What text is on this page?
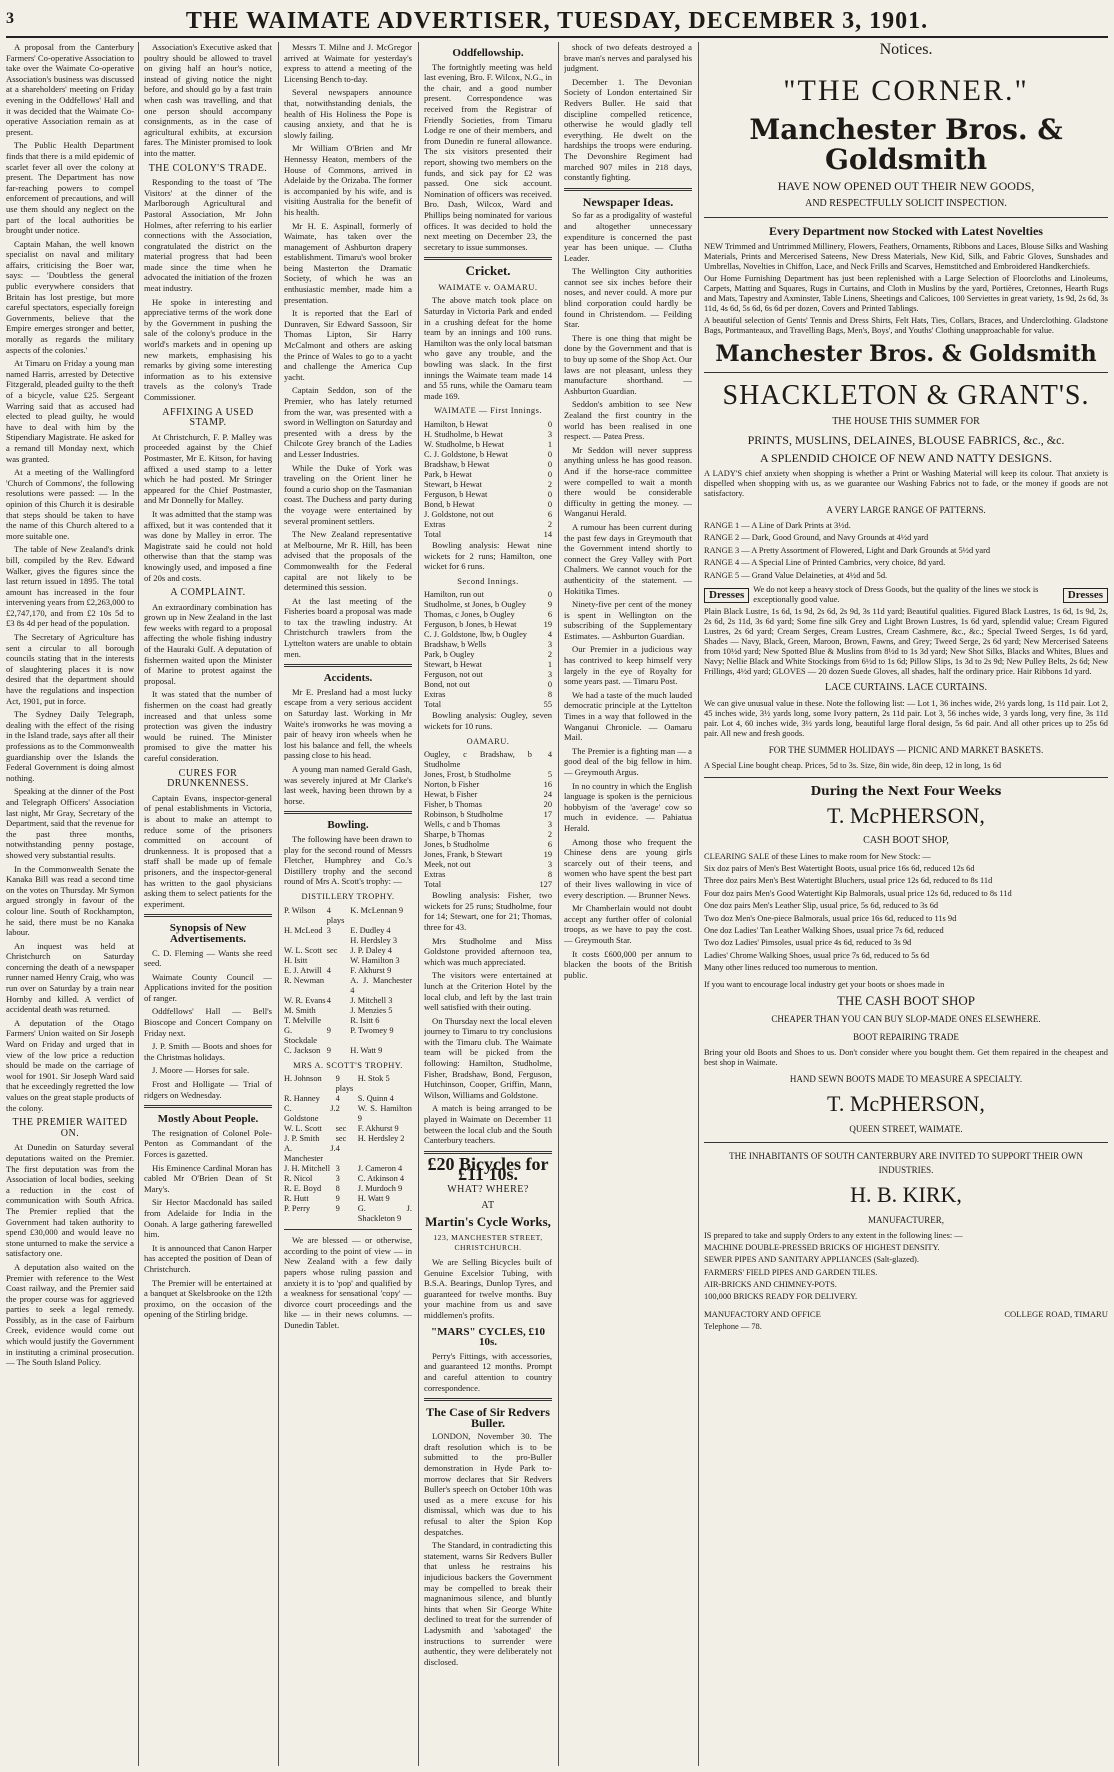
3	THE WAIMATE ADVERTISER, TUESDAY, DECEMBER 3, 1901.

A proposal from the Canterbury Farmers' Co-operative Association to take over the Waimate Co-operative Association's business was discussed at a shareholders' meeting on Friday evening in the Oddfellows' Hall and it was decided that the Waimate Co-operative Association remain as at present.

The Public Health Department finds that there is a mild epidemic of scarlet fever all over the colony at present. The Department has now far-reaching powers to compel enforcement of precautions, and will use them should any neglect on the part of the local authorities be brought under notice.

Captain Mahan, the well known specialist on naval and military affairs, criticising the Boer war, says: — 'Doubtless the general public everywhere considers that Britain has lost prestige, but more careful spectators, especially foreign Governments, believe that the Empire emerges stronger and better, morally as regards the military aspects of the colonies.'

At Timaru on Friday a young man named Harris, arrested by Detective Fitzgerald, pleaded guilty to the theft of a bicycle, value £25. Sergeant Warring said that as accused had elected to plead guilty, he would have to deal with him by the Stipendiary Magistrate. He asked for a remand till Monday next, which was granted.

At a meeting of the Wallingford 'Church of Commons', the following resolutions were passed: — In the opinion of this Church it is desirable that steps should be taken to have the name of this Church altered to a more suitable one.

The table of New Zealand's drink bill, compiled by the Rev. Edward Walker, gives the figures since the last return issued in 1895. The total amount has increased in the four intervening years from £2,263,000 to £2,747,170, and from £2 10s 5d to £3 8s 4d per head of the population.

The Secretary of Agriculture has sent a circular to all borough councils stating that in the interests of slaughtering places it is now desired that the department should have the regulations and inspection Act, 1901, put in force.

The Sydney Daily Telegraph, dealing with the effect of the rising in the Island trade, says after all their professions as to the Commonwealth guardianship over the Islands the Federal Government is doing almost nothing.

Speaking at the dinner of the Post and Telegraph Officers' Association last night, Mr Gray, Secretary of the Department, said that the revenue for the past three months, notwithstanding penny postage, showed very substantial results.

In the Commonwealth Senate the Kanaka Bill was read a second time on the votes on Thursday. Mr Symon argued strongly in favour of the colour line. South of Rockhampton, he said, there must be no Kanaka labour.

An inquest was held at Christchurch on Saturday concerning the death of a newspaper runner named Henry Craig, who was run over on Saturday by a train near Hornby and killed. A verdict of accidental death was returned.

A deputation of the Otago Farmers' Union waited on Sir Joseph Ward on Friday and urged that in view of the low price a reduction should be made on the carriage of wool for 1901. Sir Joseph Ward said that he exceedingly regretted the low values on the great staple products of the colony.

THE PREMIER WAITED ON.

At Dunedin on Saturday several deputations waited on the Premier. The first deputation was from the Association of local bodies, seeking a reduction in the cost of communication with South Africa. The Premier replied that the Government had taken authority to spend £30,000 and would leave no stone unturned to make the service a satisfactory one.

A deputation also waited on the Premier with reference to the West Coast railway, and the Premier said the proper course was for aggrieved parties to seek a legal remedy. Possibly, as in the case of Fairburn Creek, evidence would come out which would justify the Government in instituting a criminal prosecution. — The South Island Policy.

Association's Executive asked that poultry should be allowed to travel on giving half an hour's notice, instead of giving notice the night before, and should go by a fast train when cash was travelling, and that one person should accompany consignments, as in the case of agricultural exhibits, at excursion fares. The Minister promised to look into the matter.

THE COLONY'S TRADE.

Responding to the toast of 'The Visitors' at the dinner of the Marlborough Agricultural and Pastoral Association, Mr John Holmes, after referring to his earlier connections with the Association, congratulated the district on the material progress that had been made since the time when he advocated the initiation of the frozen meat industry.

He spoke in interesting and appreciative terms of the work done by the Government in pushing the sale of the colony's produce in the world's markets and in opening up new markets, emphasising his remarks by giving some interesting information as to his extensive travels as the colony's Trade Commissioner.

AFFIXING A USED STAMP.

At Christchurch, F. P. Malley was proceeded against by the Chief Postmaster, Mr E. Kitson, for having affixed a used stamp to a letter which he had posted. Mr Stringer appeared for the Chief Postmaster, and Mr Donnelly for Malley.

It was admitted that the stamp was affixed, but it was contended that it was done by Malley in error. The Magistrate said he could not hold otherwise than that the stamp was knowingly used, and imposed a fine of 20s and costs.

A COMPLAINT.

An extraordinary combination has grown up in New Zealand in the last few weeks with regard to a proposal affecting the whole fishing industry of the Hauraki Gulf. A deputation of fishermen waited upon the Minister of Marine to protest against the proposal.

It was stated that the number of fishermen on the coast had greatly increased and that unless some protection was given the industry would be ruined. The Minister promised to give the matter his careful consideration.

CURES FOR DRUNKENNESS.

Captain Evans, inspector-general of penal establishments in Victoria, is about to make an attempt to reduce some of the prisoners committed on account of drunkenness. It is proposed that a staff shall be made up of female prisoners, and the inspector-general has written to the gaol physicians asking them to select patients for the experiment.

Synopsis of New Advertisements.

C. D. Fleming — Wants she reed seed.

Waimate County Council — Applications invited for the position of ranger.

Oddfellows' Hall — Bell's Bioscope and Concert Company on Friday next.

J. P. Smith — Boots and shoes for the Christmas holidays.

J. Moore — Horses for sale.

Frost and Holligate — Trial of ridgers on Wednesday.

Mostly About People.

The resignation of Colonel Pole-Penton as Commandant of the Forces is gazetted.

His Eminence Cardinal Moran has cabled Mr O'Brien Dean of St Mary's.

Sir Hector Macdonald has sailed from Adelaide for India in the Oonah. A large gathering farewelled him.

It is announced that Canon Harper has accepted the position of Dean of Christchurch.

The Premier will be entertained at a banquet at Skelsbrooke on the 12th proximo, on the occasion of the opening of the Stirling bridge.

Messrs T. Milne and J. McGregor arrived at Waimate for yesterday's express to attend a meeting of the Licensing Bench to-day.

Several newspapers announce that, notwithstanding denials, the health of His Holiness the Pope is causing anxiety, and that he is slowly failing.

Mr William O'Brien and Mr Hennessy Heaton, members of the House of Commons, arrived in Adelaide by the Orizaba. The former is accompanied by his wife, and is visiting Australia for the benefit of his health.

Mr H. E. Aspinall, formerly of Waimate, has taken over the management of Ashburton drapery establishment. Timaru's wool broker being Masterton the Dramatic Society, of which he was an enthusiastic member, made him a presentation.

It is reported that the Earl of Dunraven, Sir Edward Sassoon, Sir Thomas Lipton, Sir Harry McCalmont and others are asking the Prince of Wales to go to a yacht and challenge the America Cup yacht.

Captain Seddon, son of the Premier, who has lately returned from the war, was presented with a sword in Wellington on Saturday and presented with a dress by the Chilcote Grey branch of the Ladies and Lesser Industries.

While the Duke of York was traveling on the Orient liner he found a curio shop on the Tasmanian coast. The Duchess and party during the voyage were entertained by several prominent settlers.

The New Zealand representative at Melbourne, Mr R. Hill, has been advised that the proposals of the Commonwealth for the Federal capital are not likely to be determined this session.

At the last meeting of the Fisheries board a proposal was made to tax the trawling industry. At Christchurch trawlers from the Lyttelton waters are unable to obtain men.

Accidents.

Mr E. Presland had a most lucky escape from a very serious accident on Saturday last. Working in Mr Waite's ironworks he was moving a pair of heavy iron wheels when he lost his balance and fell, the wheels passing close to his head.

A young man named Gerald Gash, was severely injured at Mr Clarke's last week, having been thrown by a horse.

Bowling.

The following have been drawn to play for the second round of Messrs Fletcher, Humphrey and Co.'s Distillery trophy and the second round of Mrs A. Scott's trophy: —

DISTILLERY TROPHY.
P. Wilson	4 plays	K. McLennan 9
H. McLeod	3	E. Dudley 4
		H. Herdsley 3
W. L. Scott	sec	J. P. Daley 4
H. Isitt		W. Hamilton 3
E. J. Atwill	4	F. Akhurst 9
R. Newman		A. J. Manchester 4
W. R. Evans	4	J. Mitchell 3
M. Smith		J. Menzies 5
T. Melville		R. Isitt 6
G. Stockdale	9	P. Twomey 9
C. Jackson	9	H. Watt 9
MRS A. SCOTT'S TROPHY.
H. Johnson	9 plays	H. Stok 5
R. Hanney	4	S. Quinn 4
C. J. Goldstone	2	W. S. Hamilton 9
W. L. Scott	sec	F. Akhurst 9
J. P. Smith	sec	H. Herdsley 2
A. J. Manchester	4	
J. H. Mitchell	3	J. Cameron 4
R. Nicol	3	C. Atkinson 4
R. E. Boyd	8	J. Murdoch 9
R. Hutt	9	H. Watt 9
P. Perry	9	G. J. Shackleton 9

We are blessed — or otherwise, according to the point of view — in New Zealand with a few daily papers whose ruling passion and anxiety it is to 'pop' and qualified by a weakness for sensational 'copy' — divorce court proceedings and the like — in their news columns. — Dunedin Tablet.

Oddfellowship.

The fortnightly meeting was held last evening, Bro. F. Wilcox, N.G., in the chair, and a good number present. Correspondence was received from the Registrar of Friendly Societies, from Timaru Lodge re one of their members, and from Dunedin re funeral allowance. The six visitors presented their report, showing two members on the funds, and sick pay for £2 was passed. One sick account. Nomination of officers was received. Bro. Dash, Wilcox, Ward and Phillips being nominated for various offices. It was decided to hold the next meeting on December 23, the secretary to issue summonses.

Cricket.
WAIMATE v. OAMARU.

The above match took place on Saturday in Victoria Park and ended in a crushing defeat for the home team by an innings and 100 runs. Hamilton was the only local batsman who gave any trouble, and the bowling was slack. In the first innings the Waimate team made 14 and 55 runs, while the Oamaru team made 169.

WAIMATE — First Innings.
Hamilton, b Hewat	0
H. Studholme, b Hewat	3
W. Studholme, b Hewat	1
C. J. Goldstone, b Hewat	0
Bradshaw, b Hewat	0
Park, b Hewat	0
Stewart, b Hewat	2
Ferguson, b Hewat	0
Bond, b Hewat	0
J. Goldstone, not out	6
Extras	2
Total	14

Bowling analysis: Hewat nine wickets for 2 runs; Hamilton, one wicket for 6 runs.

Second Innings.
Hamilton, run out	0
Studholme, st Jones, b Ougley	9
Thomas, c Jones, b Ougley	6
Ferguson, b Jones, b Hewat	19
C. J. Goldstone, lbw, b Ougley	4
Bradshaw, b Wells	3
Park, b Ougley	2
Stewart, b Hewat	1
Ferguson, not out	3
Bond, not out	0
Extras	8
Total	55

Bowling analysis: Ougley, seven wickets for 10 runs.

OAMARU.
Ougley, c Bradshaw, b Studholme	4
Jones, Frost, b Studholme	5
Norton, b Fisher	16
Hewat, b Fisher	24
Fisher, b Thomas	20
Robinson, b Studholme	17
Wells, c and b Thomas	3
Sharpe, b Thomas	2
Jones, b Studholme	6
Jones, Frank, b Stewart	19
Meek, not out	3
Extras	8
Total	127

Bowling analysis: Fisher, two wickets for 25 runs; Studholme, four for 14; Stewart, one for 21; Thomas, three for 43.

Mrs Studholme and Miss Goldstone provided afternoon tea, which was much appreciated.

The visitors were entertained at lunch at the Criterion Hotel by the local club, and left by the last train well satisfied with their outing.

On Thursday next the local eleven journey to Timaru to try conclusions with the Timaru club. The Waimate team will be picked from the following: Hamilton, Studholme, Fisher, Bradshaw, Bond, Ferguson, Hutchinson, Cooper, Griffin, Mann, Wilson, Williams and Goldstone.

A match is being arranged to be played in Waimate on December 11 between the local club and the South Canterbury teachers.

£20 Bicycles for £11 10s.
WHAT? WHERE?
AT
Martin's Cycle Works,
123, MANCHESTER STREET, CHRISTCHURCH.

We are Selling Bicycles built of Genuine Excelsior Tubing, with B.S.A. Bearings, Dunlop Tyres, and guaranteed for twelve months. Buy your machine from us and save middlemen's profits.

"MARS" CYCLES, £10 10s.

Perry's Fittings, with accessories, and guaranteed 12 months. Prompt and careful attention to country correspondence.

The Case of Sir Redvers Buller.

LONDON, November 30. The draft resolution which is to be submitted to the pro-Buller demonstration in Hyde Park to-morrow declares that Sir Redvers Buller's speech on October 10th was used as a mere excuse for his dismissal, which was due to his refusal to alter the Spion Kop despatches.

The Standard, in contradicting this statement, warns Sir Redvers Buller that unless he restrains his injudicious backers the Government may be compelled to break their magnanimous silence, and bluntly hints that when Sir George White declined to treat for the surrender of Ladysmith and 'sabotaged' the instructions to surrender were authentic, they were deliberately not disclosed.

shock of two defeats destroyed a brave man's nerves and paralysed his judgment.

December 1. The Devonian Society of London entertained Sir Redvers Buller. He said that discipline compelled reticence, otherwise he would gladly tell everything. He dwelt on the hardships the troops were enduring. The Devonshire Regiment had marched 907 miles in 218 days, constantly fighting.

Newspaper Ideas.

So far as a prodigality of wasteful and altogether unnecessary expenditure is concerned the past year has been unique. — Clutha Leader.

The Wellington City authorities cannot see six inches before their noses, and never could. A more pur blind corporation could hardly be found in Christendom. — Feilding Star.

There is one thing that might be done by the Government and that is to buy up some of the Shop Act. Our laws are not pleasant, unless they manufacture shorthand. — Ashburton Guardian.

Seddon's ambition to see New Zealand the first country in the world has been realised in one respect. — Patea Press.

Mr Seddon will never suppress anything unless he has good reason. And if the horse-race committee were compelled to wait a month there would be considerable difficulty in getting the money. — Wanganui Herald.

A rumour has been current during the past few days in Greymouth that the Government intend shortly to connect the Grey Valley with Port Chalmers. We cannot vouch for the authenticity of the statement. — Hokitika Times.

Ninety-five per cent of the money is spent in Wellington on the subscribing of the Supplementary Estimates. — Ashburton Guardian.

Our Premier in a judicious way has contrived to keep himself very largely in the eye of Royalty for some years past. — Timaru Post.

We had a taste of the much lauded democratic principle at the Lyttelton Times in a way that followed in the Wanganui Chronicle. — Oamaru Mail.

The Premier is a fighting man — a good deal of the big fellow in him. — Greymouth Argus.

In no country in which the English language is spoken is the pernicious hobbyism of the 'average' cow so much in evidence. — Pahiatua Herald.

Among those who frequent the Chinese dens are young girls scarcely out of their teens, and women who have spent the best part of their lives wallowing in vice of every description. — Brunner News.

Mr Chamberlain would not doubt accept any further offer of colonial troops, as we have to pay the cost. — Greymouth Star.

It costs £600,000 per annum to blacken the boots of the British public.

Notices.
"THE CORNER."
Manchester Bros. & Goldsmith
HAVE NOW OPENED OUT THEIR NEW GOODS,
AND RESPECTFULLY SOLICIT INSPECTION.
Every Department now Stocked with Latest Novelties
NEW Trimmed and Untrimmed Millinery, Flowers, Feathers, Ornaments, Ribbons and Laces, Blouse Silks and Washing Materials, Prints and Mercerised Sateens, New Dress Materials, New Kid, Silk, and Fabric Gloves, Sunshades and Umbrellas, Novelties in Chiffon, Lace, and Neck Frills and Scarves, Hemstitched and Embroidered Handkerchiefs.
Our Home Furnishing Department has just been replenished with a Large Selection of Floorcloths and Linoleums, Carpets, Matting and Squares, Rugs in Curtains, and Cloth in Muslins by the yard, Portières, Cretonnes, Hearth Rugs and Mats, Tapestry and Axminster, Table Linens, Sheetings and Calicoes, 100 Serviettes in great variety, 1s 9d, 2s 6d, 3s 11d, 4s 6d, 5s 6d, 6s 6d per dozen, Covers and Printed Tablings.
A beautiful selection of Gents' Tennis and Dress Shirts, Felt Hats, Ties, Collars, Braces, and Underclothing. Gladstone Bags, Portmanteaux, and Travelling Bags, Men's, Boys', and Youths' Clothing unapproachable for value.
Manchester Bros. & Goldsmith
SHACKLETON & GRANT'S.
THE HOUSE THIS SUMMER FOR
PRINTS, MUSLINS, DELAINES, BLOUSE FABRICS, &c., &c.
A SPLENDID CHOICE OF NEW AND NATTY DESIGNS.
A LADY'S chief anxiety when shopping is whether a Print or Washing Material will keep its colour. That anxiety is dispelled when shopping with us, as we guarantee our Washing Fabrics not to fade, or the money if goods are not satisfactory.
A VERY LARGE RANGE OF PATTERNS.
RANGE 1 — A Line of Dark Prints at 3½d.
RANGE 2 — Dark, Good Ground, and Navy Grounds at 4½d yard
RANGE 3 — A Pretty Assortment of Flowered, Light and Dark Grounds at 5½d yard
RANGE 4 — A Special Line of Printed Cambrics, very choice, 8d yard.
RANGE 5 — Grand Value Delaineties, at 4½d and 5d.
Dresses	We do not keep a heavy stock of Dress Goods, but the quality of the lines we stock is exceptionally good value.	Dresses
Plain Black Lustre, 1s 6d, 1s 9d, 2s 6d, 2s 9d, 3s 11d yard; Beautiful qualities. Figured Black Lustres, 1s 6d, 1s 9d, 2s, 2s 6d, 2s 11d, 3s 6d yard; Some fine silk Grey and Light Brown Lustres, 1s 6d yard, splendid value; Cream Figured Lustres, 2s 6d yard; Cream Serges, Cream Lustres, Cream Cashmere, &c., &c.; Special Tweed Serges, 1s 6d yard, Shades — Navy, Black, Green, Maroon, Brown, Fawns, and Grey; Tweed Serge, 2s 6d yard; New Mercerised Sateens from 10½d yard; New Spotted Blue & Muslins from 8½d to 1s 3d yard; New Shot Silks, Blacks and Whites, Blues and Navy; Nellie Black and White Stockings from 6½d to 1s 6d; Pillow Slips, 1s 3d to 2s 9d; New Pulley Belts, 2s 6d; New Frillings, 4½d yard; GLOVES — 20 dozen Suede Gloves, all shades, half the ordinary price. Hair Ribbons 1d yard.
LACE CURTAINS. LACE CURTAINS.
We can give unusual value in these. Note the following list: — Lot 1, 36 inches wide, 2½ yards long, 1s 11d pair. Lot 2, 45 inches wide, 3½ yards long, some Ivory pattern, 2s 11d pair. Lot 3, 56 inches wide, 3 yards long, very fine, 3s 11d pair. Lot 4, 60 inches wide, 3½ yards long, beautiful large floral design, 5s 6d pair. And all other prices up to 25s 6d pair. All new and fresh goods.
FOR THE SUMMER HOLIDAYS — PICNIC AND MARKET BASKETS.
A Special Line bought cheap. Prices, 5d to 3s. Size, 8in wide, 8in deep, 12 in long, 1s 6d
During the Next Four Weeks
T. McPHERSON,
CASH BOOT SHOP,
CLEARING SALE of these Lines to make room for New Stock: —
Six doz pairs of Men's Best Watertight Boots, usual price 16s 6d, reduced 12s 6d
Three doz pairs Men's Best Watertight Bluchers, usual price 12s 6d, reduced to 8s 11d
Four doz pairs Men's Good Watertight Kip Balmorals, usual price 12s 6d, reduced to 8s 11d
One doz pairs Men's Leather Slip, usual price, 5s 6d, reduced to 3s 6d
Two doz Men's One-piece Balmorals, usual price 16s 6d, reduced to 11s 9d
One doz Ladies' Tan Leather Walking Shoes, usual price 7s 6d, reduced
Two doz Ladies' Pimsoles, usual price 4s 6d, reduced to 3s 9d
Ladies' Chrome Walking Shoes, usual price 7s 6d, reduced to 5s 6d
Many other lines reduced too numerous to mention.
If you want to encourage local industry get your boots or shoes made in
THE CASH BOOT SHOP
CHEAPER THAN YOU CAN BUY SLOP-MADE ONES ELSEWHERE.
BOOT REPAIRING TRADE
Bring your old Boots and Shoes to us. Don't consider where you bought them. Get them repaired in the cheapest and best shop in Waimate.
HAND SEWN BOOTS MADE TO MEASURE A SPECIALTY.
T. McPHERSON,
QUEEN STREET, WAIMATE.
THE INHABITANTS OF SOUTH CANTERBURY ARE INVITED TO SUPPORT THEIR OWN INDUSTRIES.
H. B. KIRK,
MANUFACTURER,
IS prepared to take and supply Orders to any extent in the following lines: —
MACHINE DOUBLE-PRESSED BRICKS OF HIGHEST DENSITY.
SEWER PIPES AND SANITARY APPLIANCES (Salt-glazed).
FARMERS' FIELD PIPES AND GARDEN TILES.
AIR-BRICKS AND CHIMNEY-POTS.
100,000 BRICKS READY FOR DELIVERY.
MANUFACTORY AND OFFICE	COLLEGE ROAD, TIMARU
Telephone — 78.
